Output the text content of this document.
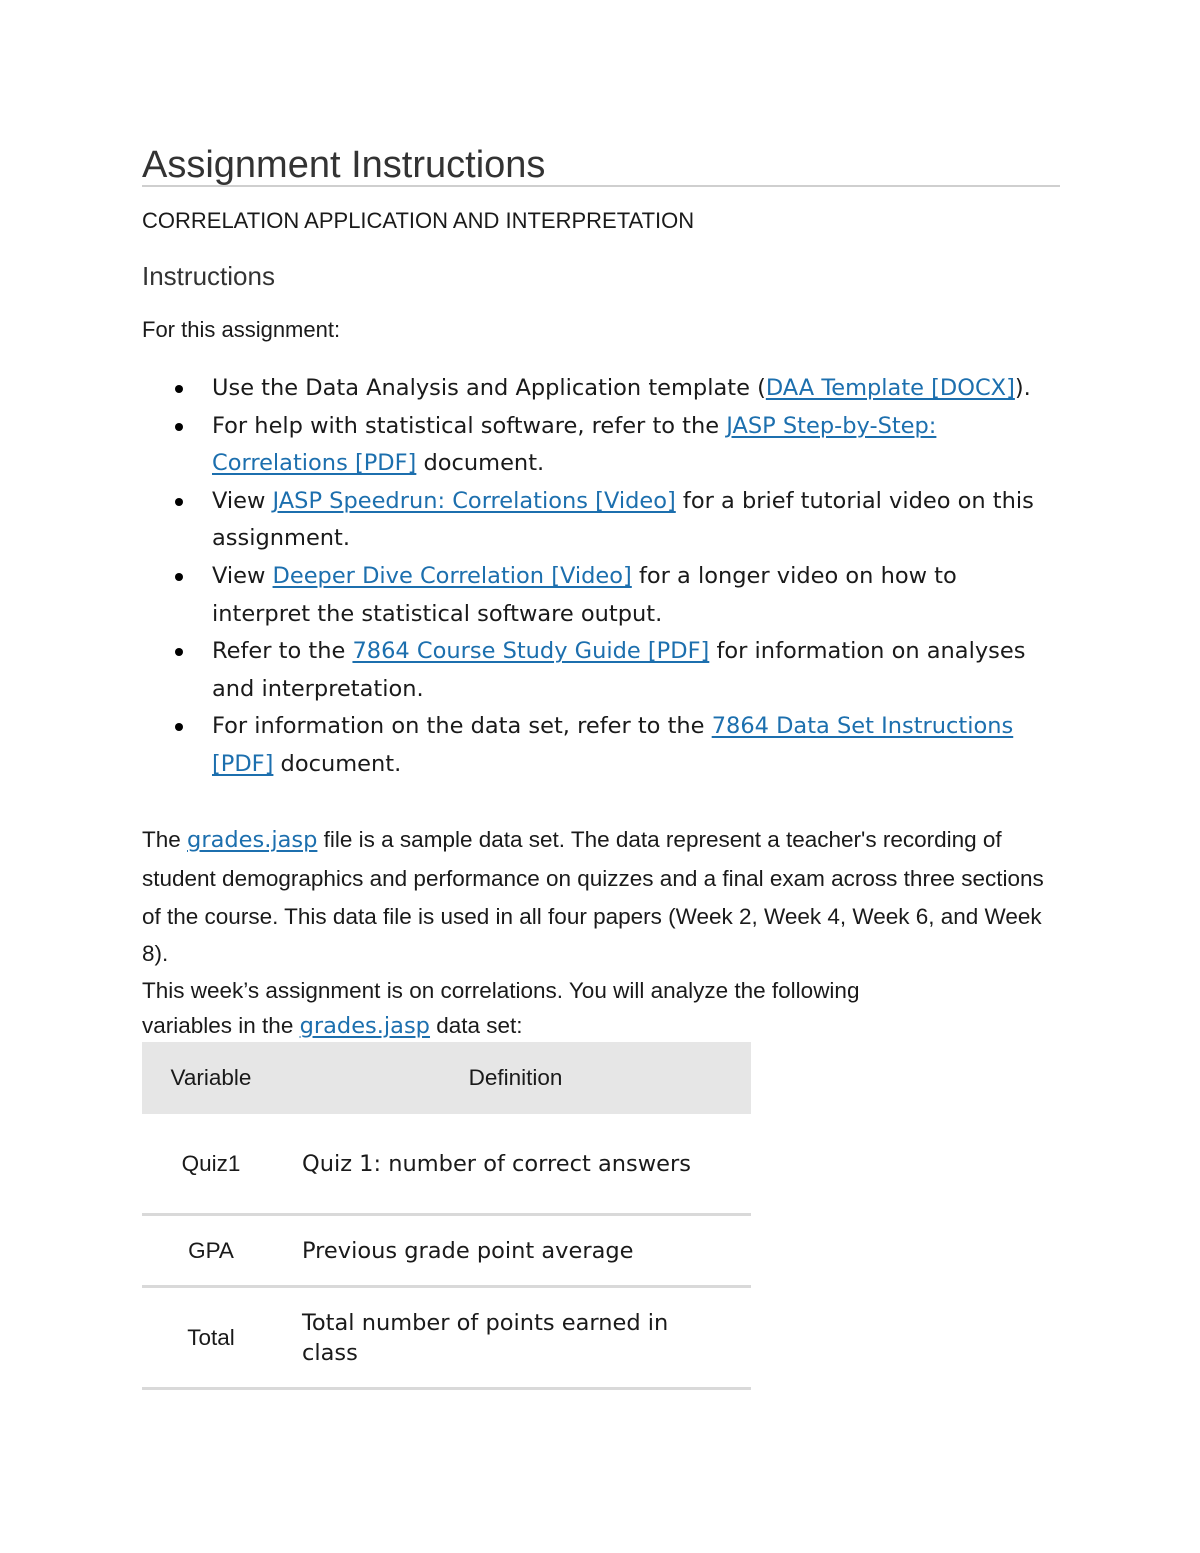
Assignment Instructions
CORRELATION APPLICATION AND INTERPRETATION
Instructions

For this assignment:

Use the Data Analysis and Application template (DAA Template [DOCX]).
For help with statistical software, refer to the JASP Step-by-Step: Correlations [PDF] document.
View JASP Speedrun: Correlations [Video] for a brief tutorial video on this assignment.
View Deeper Dive Correlation [Video] for a longer video on how to interpret the statistical software output.
Refer to the 7864 Course Study Guide [PDF] for information on analyses and interpretation.
For information on the data set, refer to the 7864 Data Set Instructions [PDF] document.

The grades.jasp file is a sample data set. The data represent a teacher's recording of student demographics and performance on quizzes and a final exam across three sections of the course. This data file is used in all four papers (Week 2, Week 4, Week 6, and Week 8).

This week’s assignment is on correlations. You will analyze the following
variables in the grades.jasp data set:

Variable	Definition
Quiz1	Quiz 1: number of correct answers
GPA	Previous grade point average
Total	Total number of points earned in class
